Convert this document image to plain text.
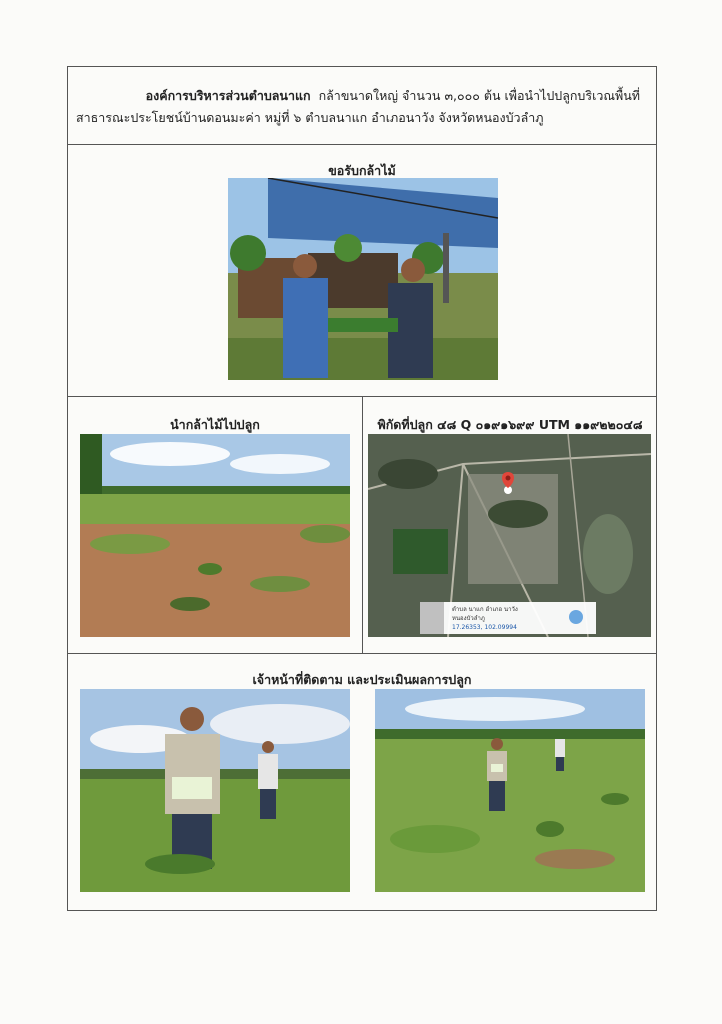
องค์การบริหารส่วนตำบลนาแก กล้าขนาดใหญ่ จำนวน ๓,๐๐๐ ต้น เพื่อนำไปปลูกบริเวณพื้นที่
สาธารณะประโยชน์บ้านดอนมะค่า หมู่ที่ ๖ ตำบลนาแก อำเภอนาวัง จังหวัดหนองบัวลำภู
ขอรับกล้าไม้
นำกล้าไม้ไปปลูก	พิกัดที่ปลูก ๔๘ Q ๐๑๙๑๖๙๙ UTM ๑๑๙๒๒๐๔๘
ตำบล นาแก อำเภอ นาวัง
หนองบัวลำภู
17.26353, 102.09994
เจ้าหน้าที่ติดตาม และประเมินผลการปลูก
